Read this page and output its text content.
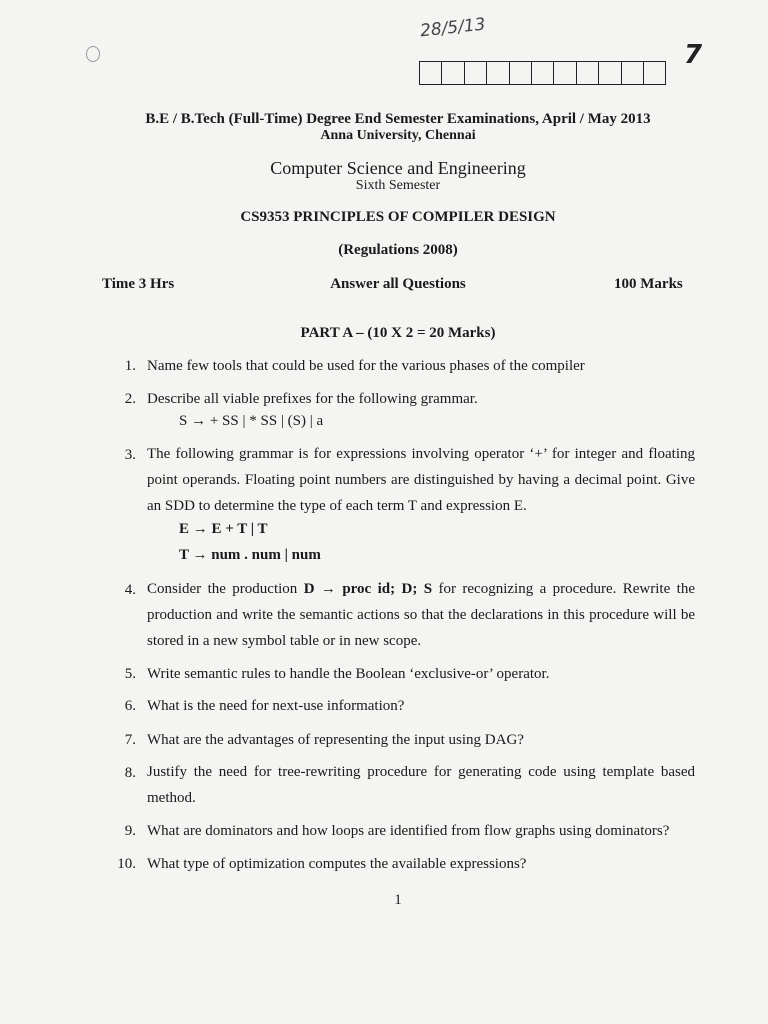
28/5/13
7
B.E / B.Tech (Full-Time) Degree End Semester Examinations, April / May 2013
Anna University, Chennai
Computer Science and Engineering
Sixth Semester
CS9353 PRINCIPLES OF COMPILER DESIGN
(Regulations 2008)
Time 3 Hrs	Answer all Questions	100 Marks
PART A – (10 X 2 = 20 Marks)
1. Name few tools that could be used for the various phases of the compiler
2. Describe all viable prefixes for the following grammar.
S → + SS | * SS | (S) | a
3. The following grammar is for expressions involving operator ‘+’ for integer and floating point operands. Floating point numbers are distinguished by having a decimal point. Give an SDD to determine the type of each term T and expression E.
E → E + T | T
T → num . num | num
4. Consider the production D → proc id; D; S for recognizing a procedure. Rewrite the production and write the semantic actions so that the declarations in this procedure will be stored in a new symbol table or in new scope.
5. Write semantic rules to handle the Boolean ‘exclusive-or’ operator.
6. What is the need for next-use information?
7. What are the advantages of representing the input using DAG?
8. Justify the need for tree-rewriting procedure for generating code using template based method.
9. What are dominators and how loops are identified from flow graphs using dominators?
10. What type of optimization computes the available expressions?
1
